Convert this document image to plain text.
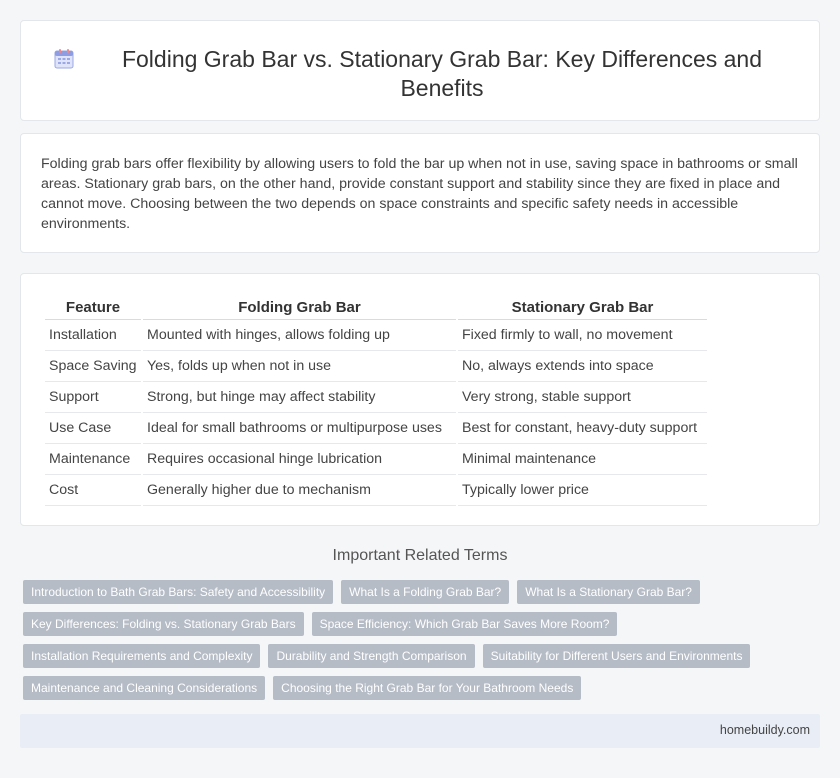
Folding Grab Bar vs. Stationary Grab Bar: Key Differences and Benefits

Folding grab bars offer flexibility by allowing users to fold the bar up when not in use, saving space in bathrooms or small areas. Stationary grab bars, on the other hand, provide constant support and stability since they are fixed in place and cannot move. Choosing between the two depends on space constraints and specific safety needs in accessible environments.

Feature	Folding Grab Bar	Stationary Grab Bar
Installation	Mounted with hinges, allows folding up	Fixed firmly to wall, no movement
Space Saving	Yes, folds up when not in use	No, always extends into space
Support	Strong, but hinge may affect stability	Very strong, stable support
Use Case	Ideal for small bathrooms or multipurpose uses	Best for constant, heavy-duty support
Maintenance	Requires occasional hinge lubrication	Minimal maintenance
Cost	Generally higher due to mechanism	Typically lower price
Important Related Terms
Introduction to Bath Grab Bars: Safety and Accessibility	What Is a Folding Grab Bar?	What Is a Stationary Grab Bar?
Key Differences: Folding vs. Stationary Grab Bars	Space Efficiency: Which Grab Bar Saves More Room?
Installation Requirements and Complexity	Durability and Strength Comparison	Suitability for Different Users and Environments
Maintenance and Cleaning Considerations	Choosing the Right Grab Bar for Your Bathroom Needs
homebuildy.com
